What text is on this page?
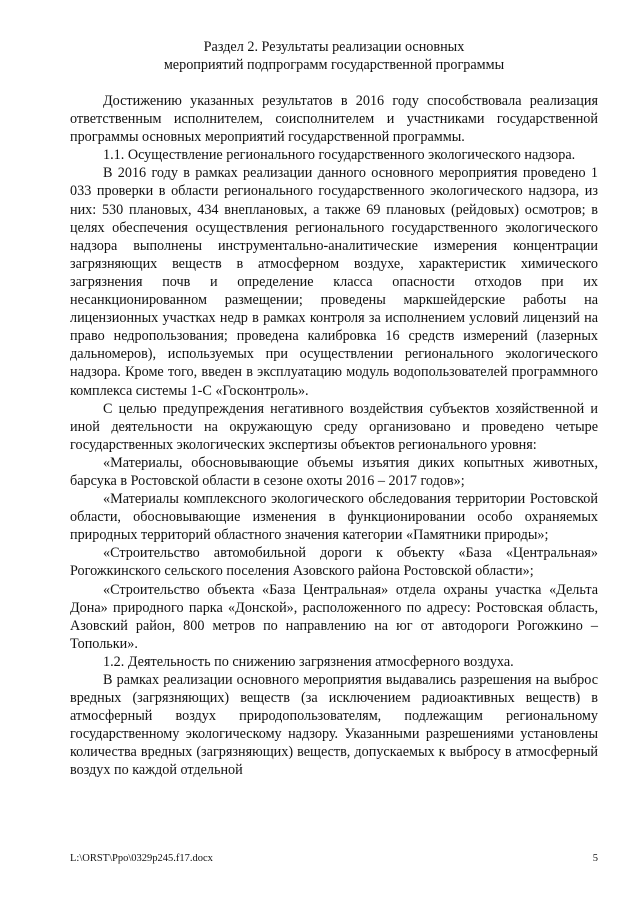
Раздел 2. Результаты реализации основных
мероприятий подпрограмм государственной программы

Достижению указанных результатов в 2016 году способствовала реализация ответственным исполнителем, соисполнителем и участниками государственной программы основных мероприятий государственной программы.

1.1. Осуществление регионального государственного экологического надзора.

В 2016 году в рамках реализации данного основного мероприятия проведено 1 033 проверки в области регионального государственного экологического надзора, из них: 530 плановых, 434 внеплановых, а также 69 плановых (рейдовых) осмотров; в целях обеспечения осуществления регионального государственного экологического надзора выполнены инструментально-аналитические измерения концентрации загрязняющих веществ в атмосферном воздухе, характеристик химического загрязнения почв и определение класса опасности отходов при их несанкционированном размещении; проведены маркшейдерские работы на лицензионных участках недр в рамках контроля за исполнением условий лицензий на право недропользования; проведена калибровка 16 средств измерений (лазерных дальномеров), используемых при осуществлении регионального экологического надзора. Кроме того, введен в эксплуатацию модуль водопользователей программного комплекса системы 1-С «Госконтроль».

С целью предупреждения негативного воздействия субъектов хозяйственной и иной деятельности на окружающую среду организовано и проведено четыре государственных экологических экспертизы объектов регионального уровня:

«Материалы, обосновывающие объемы изъятия диких копытных животных, барсука в Ростовской области в сезоне охоты 2016 – 2017 годов»;

«Материалы комплексного экологического обследования территории Ростовской области, обосновывающие изменения в функционировании особо охраняемых природных территорий областного значения категории «Памятники природы»;

«Строительство автомобильной дороги к объекту «База «Центральная» Рогожкинского сельского поселения Азовского района Ростовской области»;

«Строительство объекта «База Центральная» отдела охраны участка «Дельта Дона» природного парка «Донской», расположенного по адресу: Ростовская область, Азовский район, 800 метров по направлению на юг от автодороги Рогожкино – Топольки».

1.2. Деятельность по снижению загрязнения атмосферного воздуха.

В рамках реализации основного мероприятия выдавались разрешения на выброс вредных (загрязняющих) веществ (за исключением радиоактивных веществ) в атмосферный воздух природопользователям, подлежащим региональному государственному экологическому надзору. Указанными разрешениями установлены количества вредных (загрязняющих) веществ, допускаемых к выбросу в атмосферный воздух по каждой отдельной

L:\ORST\Ppo\0329p245.f17.docx	5
